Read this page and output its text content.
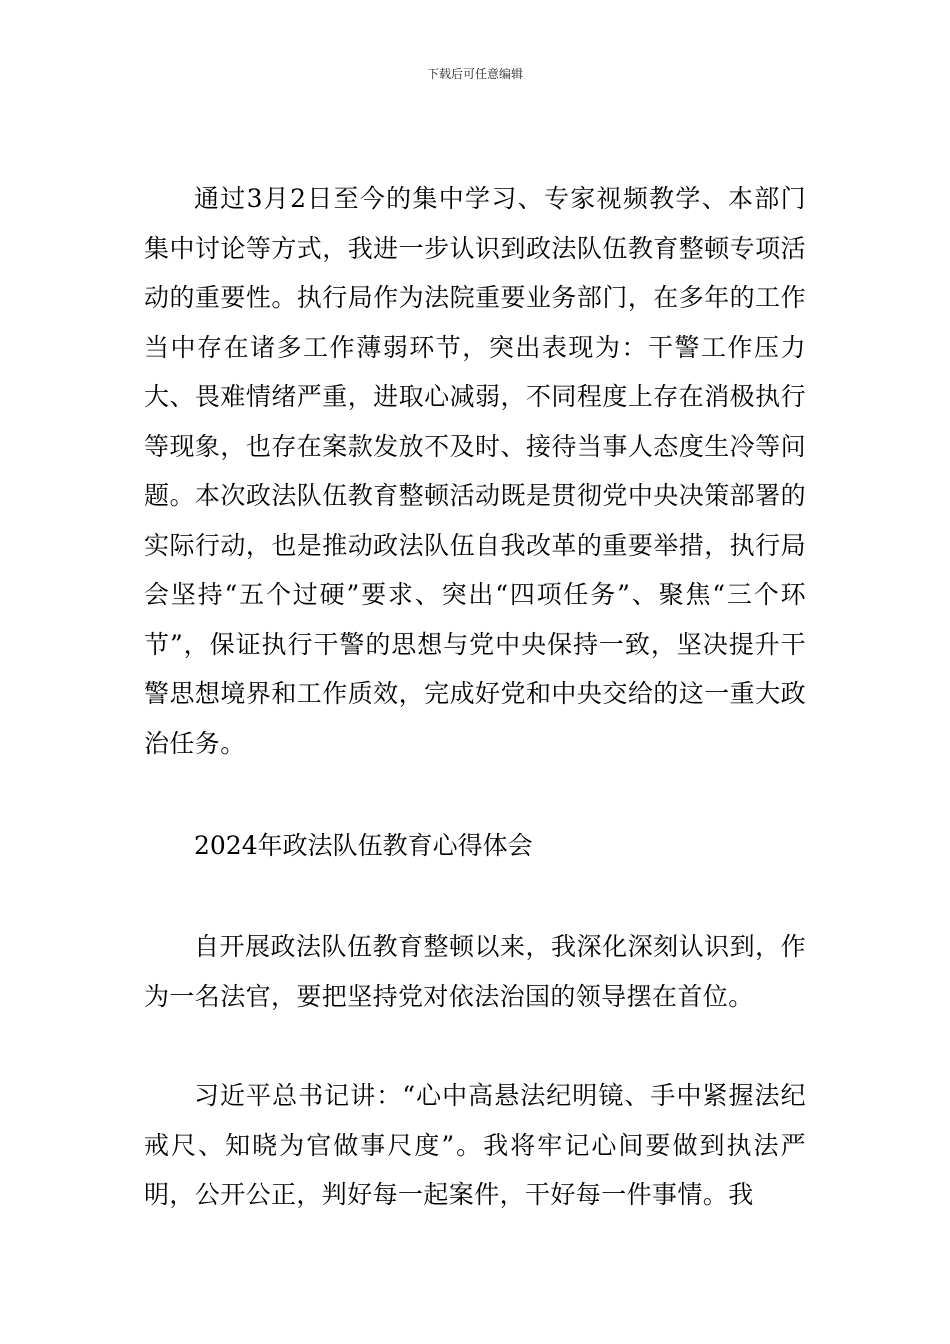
下载后可任意编辑

通过3月2日至今的集中学习、专家视频教学、本部门集中讨论等方式，我进一步认识到政法队伍教育整顿专项活动的重要性。执行局作为法院重要业务部门，在多年的工作当中存在诸多工作薄弱环节，突出表现为：干警工作压力大、畏难情绪严重，进取心减弱，不同程度上存在消极执行等现象，也存在案款发放不及时、接待当事人态度生冷等问题。本次政法队伍教育整顿活动既是贯彻党中央决策部署的实际行动，也是推动政法队伍自我改革的重要举措，执行局会坚持“五个过硬”要求、突出“四项任务”、聚焦“三个环节”，保证执行干警的思想与党中央保持一致，坚决提升干警思想境界和工作质效，完成好党和中央交给的这一重大政治任务。

2024年政法队伍教育心得体会

自开展政法队伍教育整顿以来，我深化深刻认识到，作为一名法官，要把坚持党对依法治国的领导摆在首位。

习近平总书记讲：“心中高悬法纪明镜、手中紧握法纪戒尺、知晓为官做事尺度”。我将牢记心间要做到执法严明，公开公正，判好每一起案件，干好每一件事情。我
